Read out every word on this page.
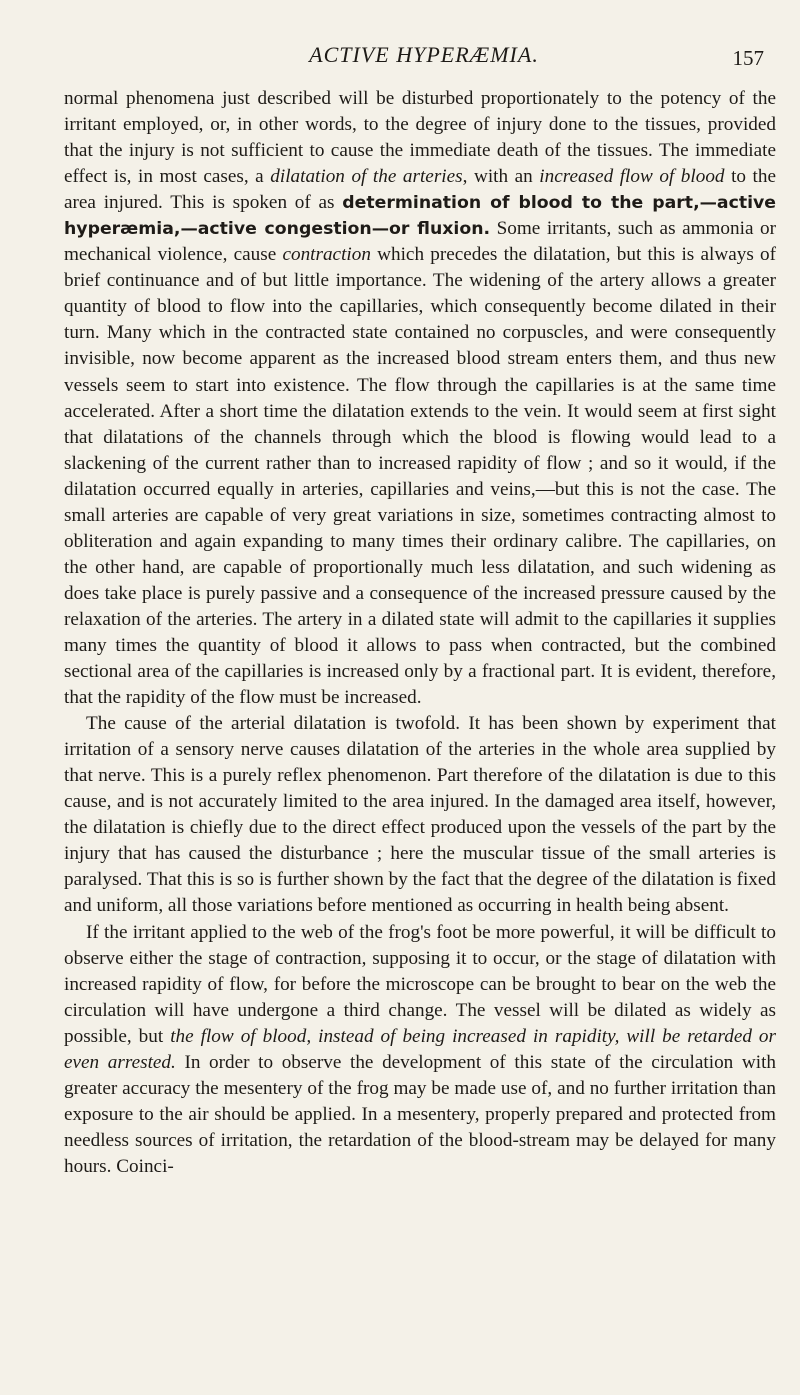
ACTIVE HYPERÆMIA.	157

normal phenomena just described will be disturbed proportionately to the potency of the irritant employed, or, in other words, to the degree of injury done to the tissues, provided that the injury is not sufficient to cause the immediate death of the tissues. The immediate effect is, in most cases, a dilatation of the arteries, with an increased flow of blood to the area injured. This is spoken of as determination of blood to the part,—active hyperæmia,—active congestion—or fluxion. Some irritants, such as ammonia or mechanical violence, cause contraction which precedes the dilatation, but this is always of brief continuance and of but little importance. The widening of the artery allows a greater quantity of blood to flow into the capillaries, which consequently become dilated in their turn. Many which in the contracted state contained no corpuscles, and were consequently invisible, now become apparent as the increased blood stream enters them, and thus new vessels seem to start into existence. The flow through the capillaries is at the same time accelerated. After a short time the dilatation extends to the vein. It would seem at first sight that dilatations of the channels through which the blood is flowing would lead to a slackening of the current rather than to increased rapidity of flow ; and so it would, if the dilatation occurred equally in arteries, capillaries and veins,—but this is not the case. The small arteries are capable of very great variations in size, sometimes contracting almost to obliteration and again expanding to many times their ordinary calibre. The capillaries, on the other hand, are capable of proportionally much less dilatation, and such widening as does take place is purely passive and a consequence of the increased pressure caused by the relaxation of the arteries. The artery in a dilated state will admit to the capillaries it supplies many times the quantity of blood it allows to pass when contracted, but the combined sectional area of the capillaries is increased only by a fractional part. It is evident, therefore, that the rapidity of the flow must be increased.

The cause of the arterial dilatation is twofold. It has been shown by experiment that irritation of a sensory nerve causes dilatation of the arteries in the whole area supplied by that nerve. This is a purely reflex phenomenon. Part therefore of the dilatation is due to this cause, and is not accurately limited to the area injured. In the damaged area itself, however, the dilatation is chiefly due to the direct effect produced upon the vessels of the part by the injury that has caused the disturbance ; here the muscular tissue of the small arteries is paralysed. That this is so is further shown by the fact that the degree of the dilatation is fixed and uniform, all those variations before mentioned as occurring in health being absent.

If the irritant applied to the web of the frog's foot be more powerful, it will be difficult to observe either the stage of contraction, supposing it to occur, or the stage of dilatation with increased rapidity of flow, for before the microscope can be brought to bear on the web the circulation will have undergone a third change. The vessel will be dilated as widely as possible, but the flow of blood, instead of being increased in rapidity, will be retarded or even arrested. In order to observe the development of this state of the circulation with greater accuracy the mesentery of the frog may be made use of, and no further irritation than exposure to the air should be applied. In a mesentery, properly prepared and protected from needless sources of irritation, the retardation of the blood-stream may be delayed for many hours. Coinci-
